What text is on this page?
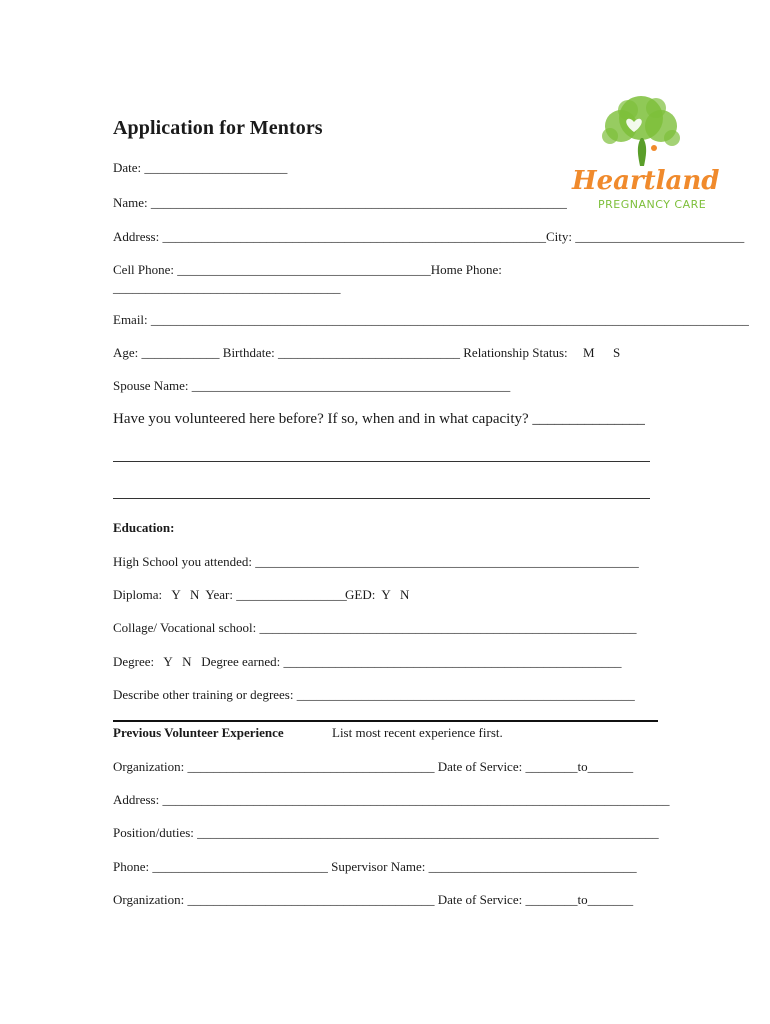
Heartland
PREGNANCY CARE
Application for Mentors
Date: ______________________
Name: ________________________________________________________________
Address: ___________________________________________________________City: __________________________
Cell Phone: _______________________________________Home Phone:
___________________________________
Email: ____________________________________________________________________________________________
Age: ____________ Birthdate: ____________________________ Relationship Status: M S
Spouse Name: _________________________________________________
Have you volunteered here before? If so, when and in what capacity? _______________
Education:
High School you attended: ___________________________________________________________
Diploma:   Y   N  Year: _________________
GED:  Y   N
Collage/ Vocational school: __________________________________________________________
Degree:   Y   N   Degree earned: ____________________________________________________
Describe other training or degrees: ____________________________________________________
Previous Volunteer Experience	List most recent experience first.
Organization: ______________________________________ Date of Service: ________to_______
Address: ______________________________________________________________________________
Position/duties: _______________________________________________________________________
Phone: ___________________________ Supervisor Name: ________________________________
Organization: ______________________________________ Date of Service: ________to_______
